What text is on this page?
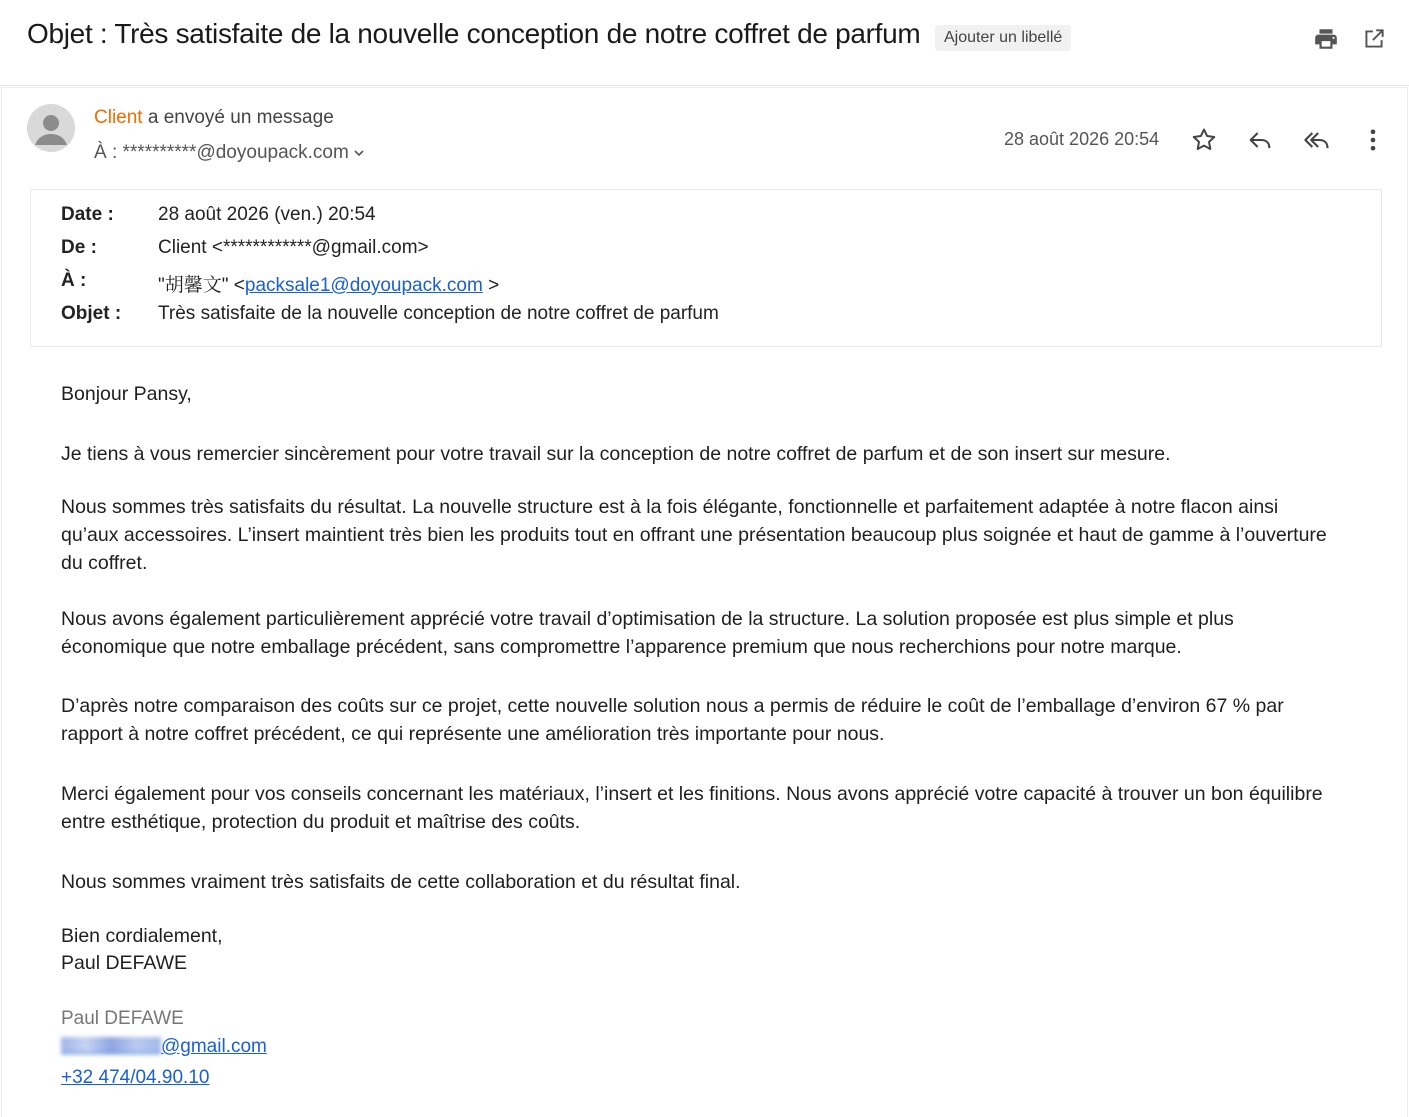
Objet : Très satisfaite de la nouvelle conception de notre coffret de parfum	Ajouter un libellé
Client a envoyé un message
À : **********@doyoupack.com
28 août 2026 20:54
Date : 28 août 2026 (ven.) 20:54
De :	Client <************@gmail.com>
À :	"胡馨文" <packsale1@doyoupack.com >
Objet : Très satisfaite de la nouvelle conception de notre coffret de parfum

Bonjour Pansy,

Je tiens à vous remercier sincèrement pour votre travail sur la conception de notre coffret de parfum et de son insert sur mesure.

Nous sommes très satisfaits du résultat. La nouvelle structure est à la fois élégante, fonctionnelle et parfaitement adaptée à notre flacon ainsi qu’aux accessoires. L’insert maintient très bien les produits tout en offrant une présentation beaucoup plus soignée et haut de gamme à l’ouverture du coffret.

Nous avons également particulièrement apprécié votre travail d’optimisation de la structure. La solution proposée est plus simple et plus économique que notre emballage précédent, sans compromettre l’apparence premium que nous recherchions pour notre marque.

D’après notre comparaison des coûts sur ce projet, cette nouvelle solution nous a permis de réduire le coût de l’emballage d’environ 67 % par rapport à notre coffret précédent, ce qui représente une amélioration très importante pour nous.

Merci également pour vos conseils concernant les matériaux, l’insert et les finitions. Nous avons apprécié votre capacité à trouver un bon équilibre entre esthétique, protection du produit et maîtrise des coûts.

Nous sommes vraiment très satisfaits de cette collaboration et du résultat final.

Bien cordialement,

Paul DEFAWE

Paul DEFAWE
@gmail.com
+32 474/04.90.10
